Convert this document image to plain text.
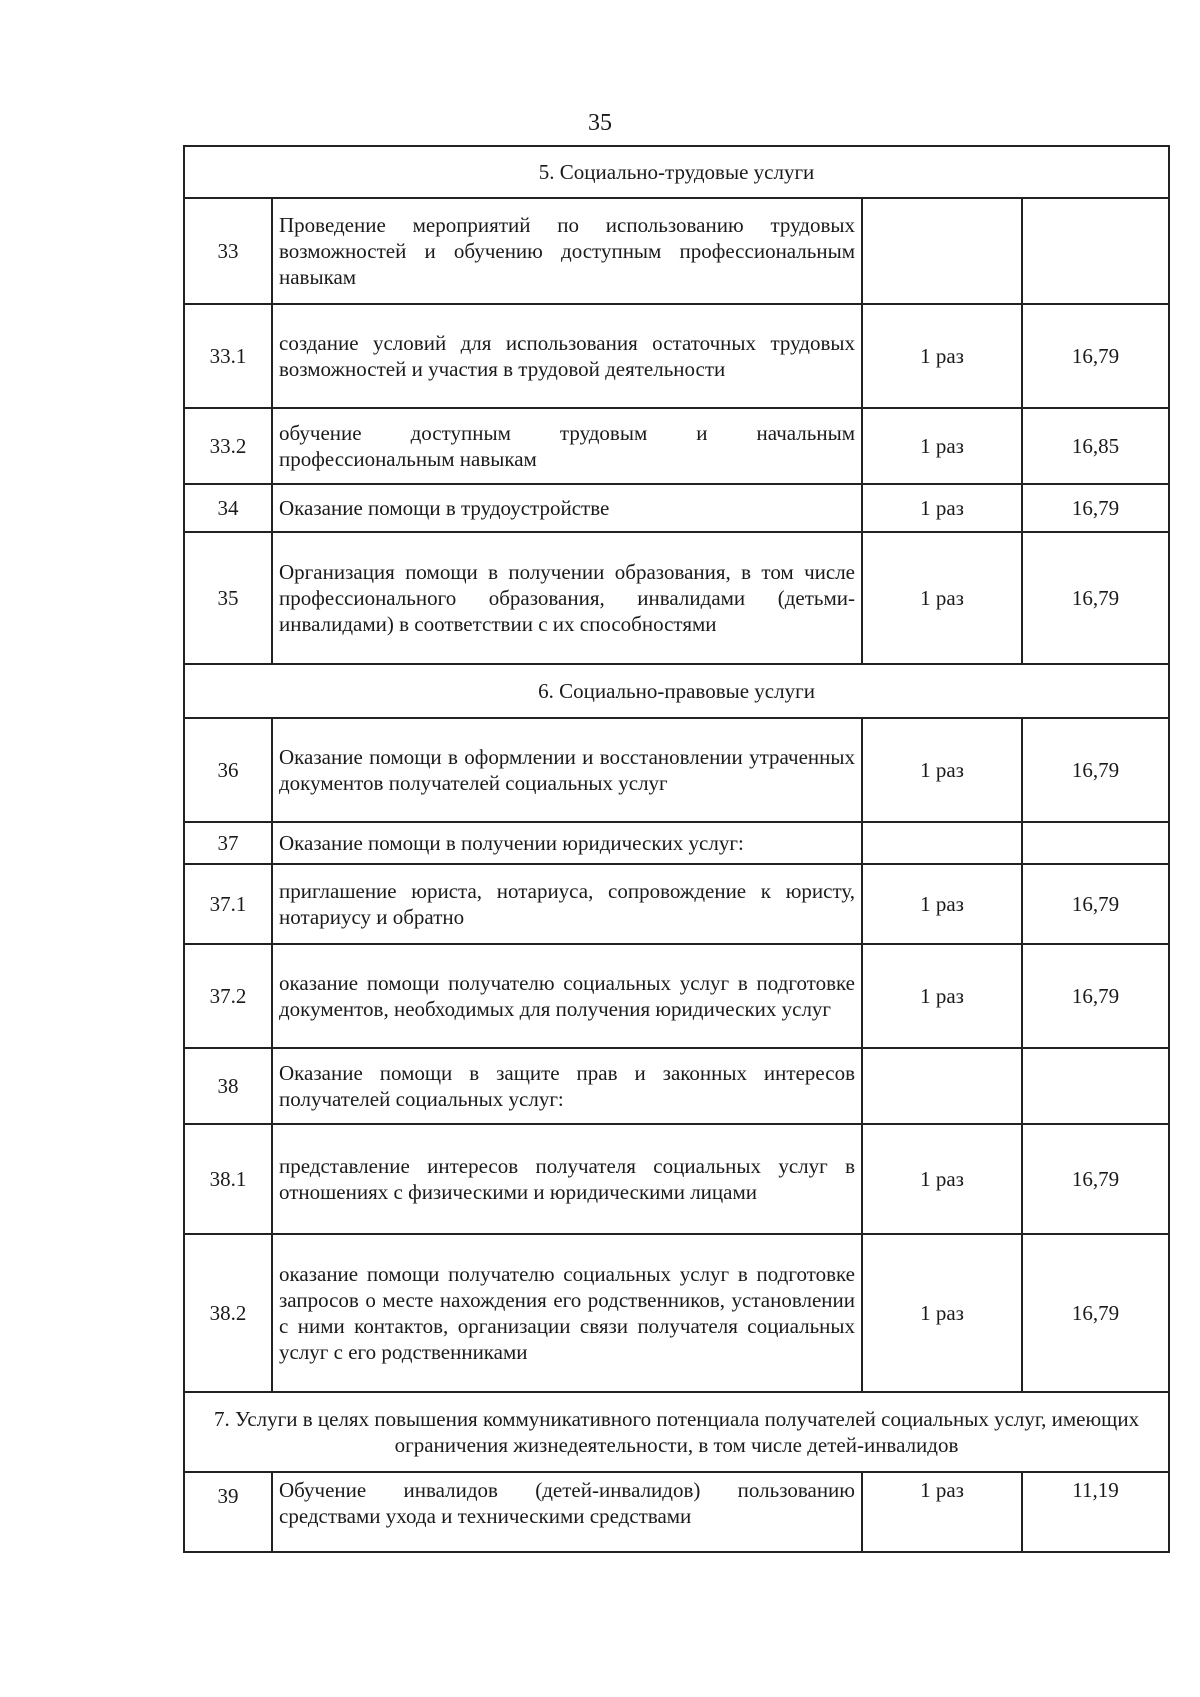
35
5. Социально-трудовые услуги			
33	Проведение мероприятий по использованию трудовых возможностей и обучению доступным профессиональным навыкам		
33.1	создание условий для использования остаточных трудовых возможностей и участия в трудовой деятельности	1 раз	16,79
33.2	обучение доступным трудовым и начальным профессиональным навыкам	1 раз	16,85
34	Оказание помощи в трудоустройстве	1 раз	16,79
35	Организация помощи в получении образования, в том числе профессионального образования, инвалидами (детьми-инвалидами) в соответствии с их способностями	1 раз	16,79
6. Социально-правовые услуги			
36	Оказание помощи в оформлении и восстановлении утраченных документов получателей социальных услуг	1 раз	16,79
37	Оказание помощи в получении юридических услуг:		
37.1	приглашение юриста, нотариуса, сопровождение к юристу, нотариусу и обратно	1 раз	16,79
37.2	оказание помощи получателю социальных услуг в подготовке документов, необходимых для получения юридических услуг	1 раз	16,79
38	Оказание помощи в защите прав и законных интересов получателей социальных услуг:		
38.1	представление интересов получателя социальных услуг в отношениях с физическими и юридическими лицами	1 раз	16,79
38.2	оказание помощи получателю социальных услуг в подготовке запросов о месте нахождения его родственников, установлении с ними контактов, организации связи получателя социальных услуг с его родственниками	1 раз	16,79
7. Услуги в целях повышения коммуникативного потенциала получателей социальных услуг, имеющих ограничения жизнедеятельности, в том числе детей-инвалидов			
39	Обучение инвалидов (детей-инвалидов) пользованию средствами ухода и техническими средствами	1 раз	11,19
